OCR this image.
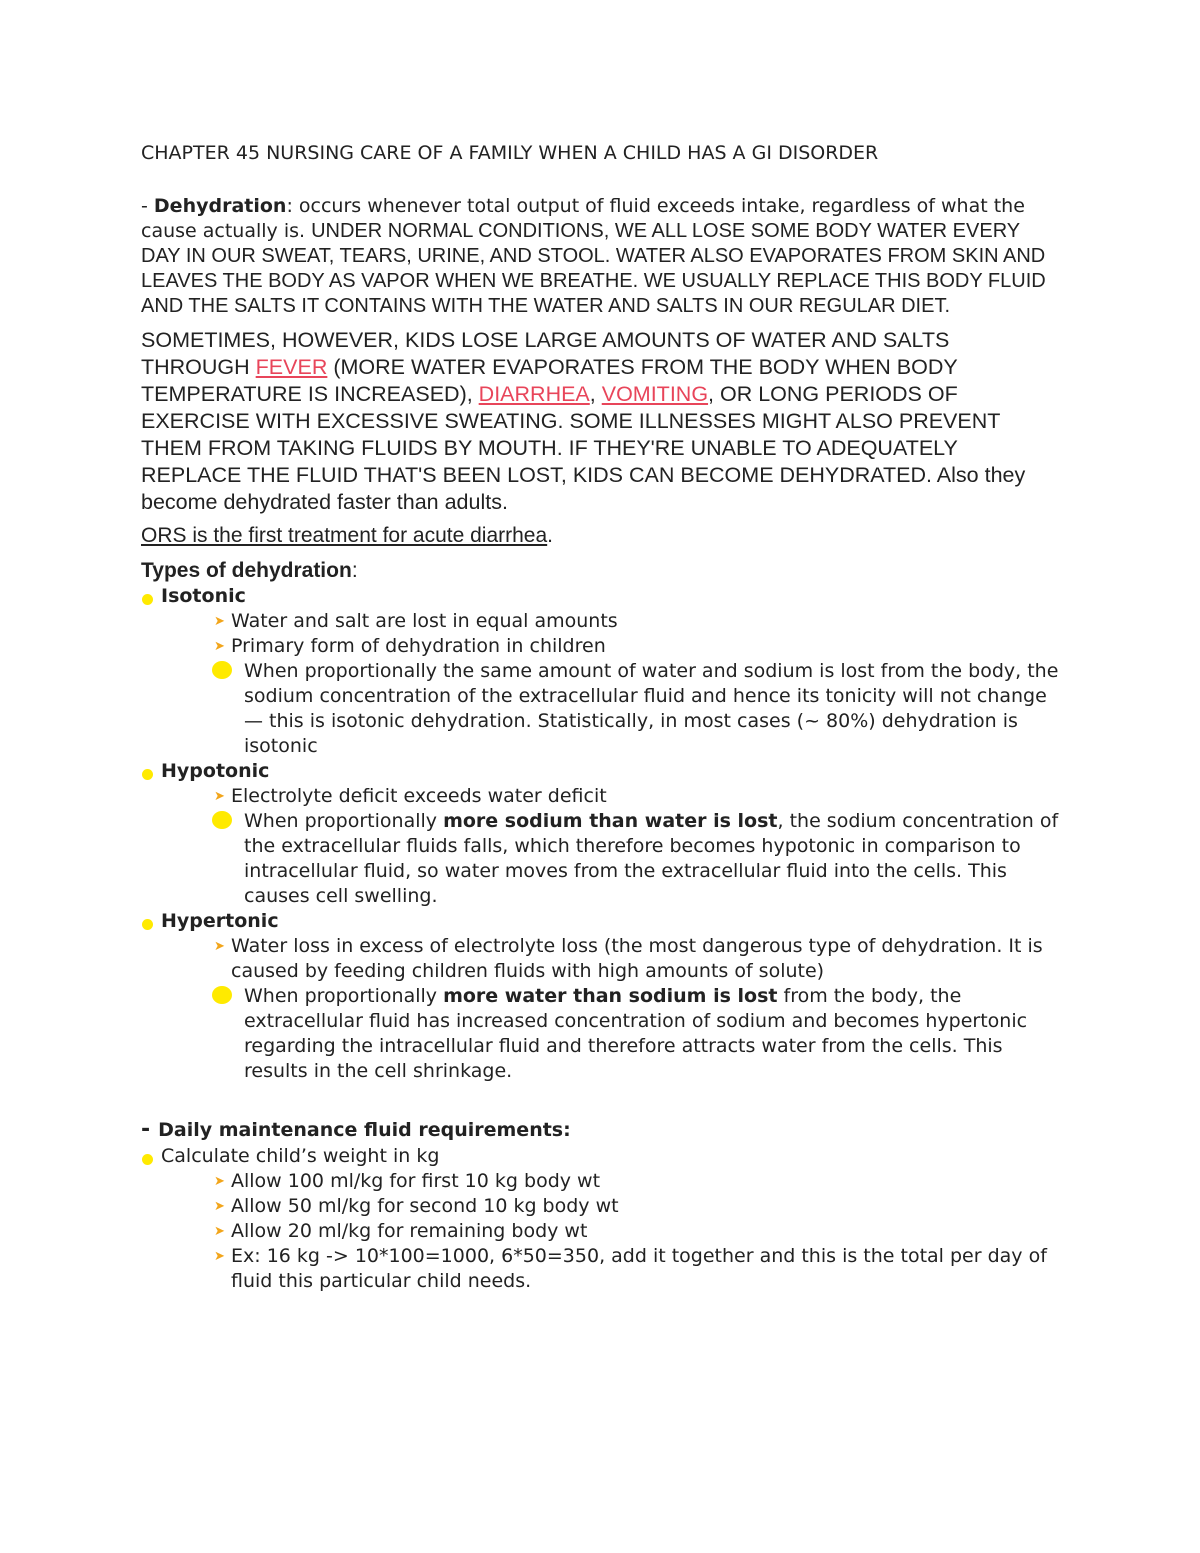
CHAPTER 45 NURSING CARE OF A FAMILY WHEN A CHILD HAS A GI DISORDER

- Dehydration: occurs whenever total output of fluid exceeds intake, regardless of what the cause actually is. UNDER NORMAL CONDITIONS, WE ALL LOSE SOME BODY WATER EVERY DAY IN OUR SWEAT, TEARS, URINE, AND STOOL. WATER ALSO EVAPORATES FROM SKIN AND LEAVES THE BODY AS VAPOR WHEN WE BREATHE. WE USUALLY REPLACE THIS BODY FLUID AND THE SALTS IT CONTAINS WITH THE WATER AND SALTS IN OUR REGULAR DIET.

SOMETIMES, HOWEVER, KIDS LOSE LARGE AMOUNTS OF WATER AND SALTS THROUGH FEVER (MORE WATER EVAPORATES FROM THE BODY WHEN BODY TEMPERATURE IS INCREASED), DIARRHEA, VOMITING, OR LONG PERIODS OF EXERCISE WITH EXCESSIVE SWEATING. SOME ILLNESSES MIGHT ALSO PREVENT THEM FROM TAKING FLUIDS BY MOUTH. IF THEY'RE UNABLE TO ADEQUATELY REPLACE THE FLUID THAT'S BEEN LOST, KIDS CAN BECOME DEHYDRATED. Also they become dehydrated faster than adults.

ORS is the first treatment for acute diarrhea.

Types of dehydration:

Isotonic

➤ Water and salt are lost in equal amounts

➤ Primary form of dehydration in children

When proportionally the same amount of water and sodium is lost from the body, the sodium concentration of the extracellular fluid and hence its tonicity will not change — this is isotonic dehydration. Statistically, in most cases (~ 80%) dehydration is isotonic

Hypotonic

➤ Electrolyte deficit exceeds water deficit

When proportionally more sodium than water is lost, the sodium concentration of the extracellular fluids falls, which therefore becomes hypotonic in comparison to intracellular fluid, so water moves from the extracellular fluid into the cells. This causes cell swelling.

Hypertonic

➤ Water loss in excess of electrolyte loss (the most dangerous type of dehydration. It is caused by feeding children fluids with high amounts of solute)

When proportionally more water than sodium is lost from the body, the extracellular fluid has increased concentration of sodium and becomes hypertonic regarding the intracellular fluid and therefore attracts water from the cells. This results in the cell shrinkage.

- Daily maintenance fluid requirements:

Calculate child’s weight in kg

➤ Allow 100 ml/kg for first 10 kg body wt

➤ Allow 50 ml/kg for second 10 kg body wt

➤ Allow 20 ml/kg for remaining body wt

➤ Ex: 16 kg -> 10*100=1000, 6*50=350, add it together and this is the total per day of fluid this particular child needs.
